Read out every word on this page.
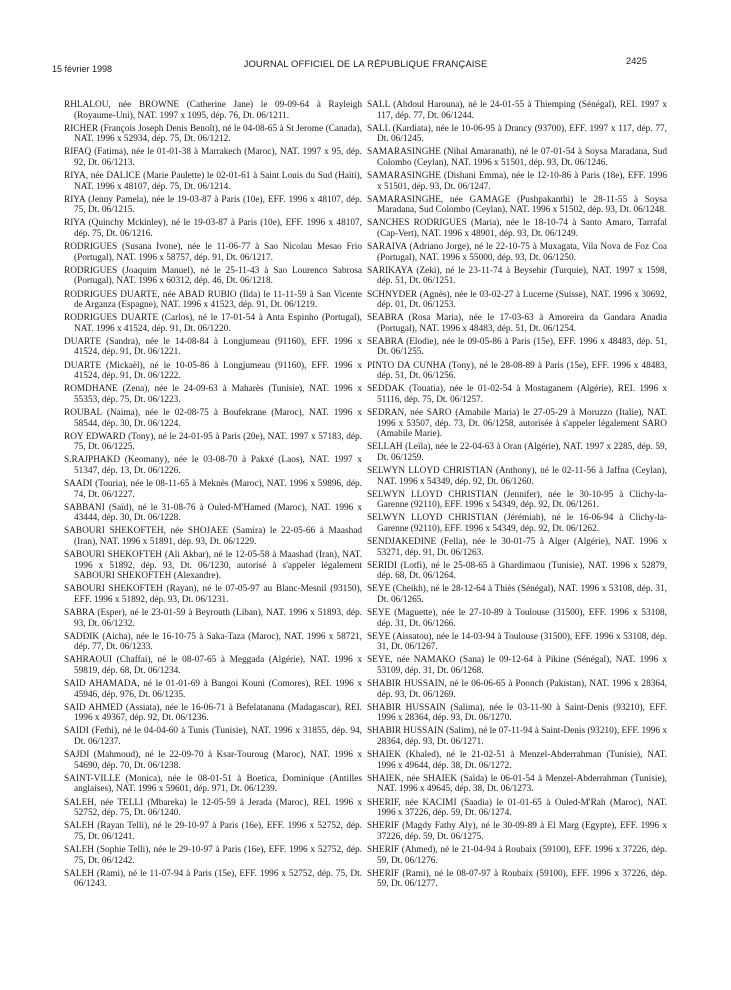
15 février 1998	JOURNAL OFFICIEL DE LA RÉPUBLIQUE FRANÇAISE	2425

RHLALOU, née BROWNE (Catherine Jane) le 09-09-64 à Rayleigh (Royaume-Uni), NAT. 1997 x 1095, dép. 76, Dt. 06/1211.

RICHER (François Joseph Denis Benoît), né le 04-08-65 à St Jerome (Canada), NAT. 1996 x 52934, dép. 75, Dt. 06/1212.

RIFAQ (Fatima), née le 01-01-38 à Marrakech (Maroc), NAT. 1997 x 95, dép. 92, Dt. 06/1213.

RIYA, née DALICE (Marie Paulette) le 02-01-61 à Saint Louis du Sud (Haïti), NAT. 1996 x 48107, dép. 75, Dt. 06/1214.

RIYA (Jenny Pamela), née le 19-03-87 à Paris (10e), EFF. 1996 x 48107, dép. 75, Dt. 06/1215.

RIYA (Quinchy Mckinley), né le 19-03-87 à Paris (10e), EFF. 1996 x 48107, dép. 75, Dt. 06/1216.

RODRIGUES (Susana Ivone), née le 11-06-77 à Sao Nicolau Mesao Frio (Portugal), NAT. 1996 x 58757, dép. 91, Dt. 06/1217.

RODRIGUES (Joaquim Manuel), né le 25-11-43 à Sao Lourenco Sabrosa (Portugal), NAT. 1996 x 60312, dép. 46, Dt. 06/1218.

RODRIGUES DUARTE, née ABAD RUBIO (Ilda) le 11-11-59 à San Vicente de Arganza (Espagne), NAT. 1996 x 41523, dép. 91, Dt. 06/1219.

RODRIGUES DUARTE (Carlos), né le 17-01-54 à Anta Espinho (Portugal), NAT. 1996 x 41524, dép. 91, Dt. 06/1220.

DUARTE (Sandra), née le 14-08-84 à Longjumeau (91160), EFF. 1996 x 41524, dép. 91, Dt. 06/1221.

DUARTE (Mickaël), né le 10-05-86 à Longjumeau (91160), EFF. 1996 x 41524, dép. 91, Dt. 06/1222.

ROMDHANE (Zena), née le 24-09-63 à Maharès (Tunisie), NAT. 1996 x 55353, dép. 75, Dt. 06/1223.

ROUBAL (Naima), née le 02-08-75 à Boufekrane (Maroc), NAT. 1996 x 58544, dép. 30, Dt. 06/1224.

ROY EDWARD (Tony), né le 24-01-95 à Paris (20e), NAT. 1997 x 57183, dép. 75, Dt. 06/1225.

S.RAJPHAKD (Keomany), née le 03-08-70 à Pakxé (Laos), NAT. 1997 x 51347, dép. 13, Dt. 06/1226.

SAADI (Touria), née le 08-11-65 à Meknès (Maroc), NAT. 1996 x 59896, dép. 74, Dt. 06/1227.

SABBANI (Saïd), né le 31-08-76 à Ouled-M'Hamed (Maroc), NAT. 1996 x 43444, dép. 30, Dt. 06/1228.

SABOURI SHEKOFTEH, née SHOJAEE (Samira) le 22-05-66 à Maashad (Iran), NAT. 1996 x 51891, dép. 93, Dt. 06/1229.

SABOURI SHEKOFTEH (Ali Akbar), né le 12-05-58 à Maashad (Iran), NAT. 1996 x 51892, dép. 93, Dt. 06/1230, autorisé à s'appeler légalement SABOURI SHEKOFTEH (Alexandre).

SABOURI SHEKOFTEH (Rayan), né le 07-05-97 au Blanc-Mesnil (93150), EFF. 1996 x 51892, dép. 93, Dt. 06/1231.

SABRA (Esper), né le 23-01-59 à Beyrouth (Liban), NAT. 1996 x 51893, dép. 93, Dt. 06/1232.

SADDIK (Aicha), née le 16-10-75 à Saka-Taza (Maroc), NAT. 1996 x 58721, dép. 77, Dt. 06/1233.

SAHRAOUI (Chaffai), né le 08-07-65 à Meggada (Algérie), NAT. 1996 x 59819, dép. 68, Dt. 06/1234.

SAID AHAMADA, né le 01-01-69 à Bangoi Kouni (Comores), REI. 1996 x 45946, dép. 976, Dt. 06/1235.

SAID AHMED (Assiata), née le 16-06-71 à Befelatanana (Madagascar), REI. 1996 x 49367, dép. 92, Dt. 06/1236.

SAIDI (Fethi), né le 04-04-60 à Tunis (Tunisie), NAT. 1996 x 31855, dép. 94, Dt. 06/1237.

SAJDI (Mahmoud), né le 22-09-70 à Ksar-Touroug (Maroc), NAT. 1996 x 54690, dép. 70, Dt. 06/1238.

SAINT-VILLE (Monica), née le 08-01-51 à Boetica, Dominique (Antilles anglaises), NAT. 1996 x 59601, dép. 971, Dt. 06/1239.

SALEH, née TELLI (Mbareka) le 12-05-59 à Jerada (Maroc), REI. 1996 x 52752, dép. 75, Dt. 06/1240.

SALEH (Rayan Telli), né le 29-10-97 à Paris (16e), EFF. 1996 x 52752, dép. 75, Dt. 06/1241.

SALEH (Sophie Telli), née le 29-10-97 à Paris (16e), EFF. 1996 x 52752, dép. 75, Dt. 06/1242.

SALEH (Rami), né le 11-07-94 à Paris (15e), EFF. 1996 x 52752, dép. 75, Dt. 06/1243.

SALL (Abdoul Harouna), né le 24-01-55 à Thiemping (Sénégal), REI. 1997 x 117, dép. 77, Dt. 06/1244.

SALL (Kardiata), née le 10-06-95 à Drancy (93700), EFF. 1997 x 117, dép. 77, Dt. 06/1245.

SAMARASINGHE (Nihal Amaranath), né le 07-01-54 à Soysa Maradana, Sud Colombo (Ceylan), NAT. 1996 x 51501, dép. 93, Dt. 06/1246.

SAMARASINGHE (Dishani Emma), née le 12-10-86 à Paris (18e), EFF. 1996 x 51501, dép. 93, Dt. 06/1247.

SAMARASINGHE, née GAMAGE (Pushpakanthi) le 28-11-55 à Soysa Maradana, Sud Colombo (Ceylan), NAT. 1996 x 51502, dép. 93, Dt. 06/1248.

SANCHES RODRIGUES (Maria), née le 18-10-74 à Santo Amaro, Tarrafal (Cap-Vert), NAT. 1996 x 48901, dép. 93, Dt. 06/1249.

SARAIVA (Adriano Jorge), né le 22-10-75 à Muxagata, Vila Nova de Foz Coa (Portugal), NAT. 1996 x 55000, dép. 93, Dt. 06/1250.

SARIKAYA (Zeki), né le 23-11-74 à Beysehir (Turquie), NAT. 1997 x 1598, dép. 51, Dt. 06/1251.

SCHNYDER (Agnès), née le 03-02-27 à Lucerne (Suisse), NAT. 1996 x 30692, dép. 01, Dt. 06/1253.

SEABRA (Rosa Maria), née le 17-03-63 à Amoreira da Gandara Anadia (Portugal), NAT. 1996 x 48483, dép. 51, Dt. 06/1254.

SEABRA (Elodie), née le 09-05-86 à Paris (15e), EFF. 1996 x 48483, dép. 51, Dt. 06/1255.

PINTO DA CUNHA (Tony), né le 28-08-89 à Paris (15e), EFF. 1996 x 48483, dép. 51, Dt. 06/1256.

SEDDAK (Touatia), née le 01-02-54 à Mostaganem (Algérie), REI. 1996 x 51116, dép. 75, Dt. 06/1257.

SEDRAN, née SARO (Amabile Maria) le 27-05-29 à Moruzzo (Italie), NAT. 1996 x 53507, dép. 73, Dt. 06/1258, autorisée à s'appeler légalement SARO (Amabile Marie).

SELLAH (Leïla), née le 22-04-63 à Oran (Algérie), NAT. 1997 x 2285, dép. 59, Dt. 06/1259.

SELWYN LLOYD CHRISTIAN (Anthony), né le 02-11-56 à Jaffna (Ceylan), NAT. 1996 x 54349, dép. 92, Dt. 06/1260.

SELWYN LLOYD CHRISTIAN (Jennifer), née le 30-10-95 à Clichy-la-Garenne (92110), EFF. 1996 x 54349, dép. 92, Dt. 06/1261.

SELWYN LLOYD CHRISTIAN (Jérémiah), né le 16-06-94 à Clichy-la-Garenne (92110), EFF. 1996 x 54349, dép. 92, Dt. 06/1262.

SENDJAKEDINE (Fella), née le 30-01-75 à Alger (Algérie), NAT. 1996 x 53271, dép. 91, Dt. 06/1263.

SERIDI (Lotfi), né le 25-08-65 à Ghardimaou (Tunisie), NAT. 1996 x 52879, dép. 68, Dt. 06/1264.

SEYE (Cheikh), né le 28-12-64 à Thiès (Sénégal), NAT. 1996 x 53108, dép. 31, Dt. 06/1265.

SEYE (Maguette), née le 27-10-89 à Toulouse (31500), EFF. 1996 x 53108, dép. 31, Dt. 06/1266.

SEYE (Aissatou), née le 14-03-94 à Toulouse (31500), EFF. 1996 x 53108, dép. 31, Dt. 06/1267.

SEYE, née NAMAKO (Sana) le 09-12-64 à Pikine (Sénégal), NAT. 1996 x 53109, dép. 31, Dt. 06/1268.

SHABIR HUSSAIN, né le 06-06-65 à Poonch (Pakistan), NAT. 1996 x 28364, dép. 93, Dt. 06/1269.

SHABIR HUSSAIN (Salima), née le 03-11-90 à Saint-Denis (93210), EFF. 1996 x 28364, dép. 93, Dt. 06/1270.

SHABIR HUSSAIN (Salim), né le 07-11-94 à Saint-Denis (93210), EFF. 1996 x 28364, dép. 93, Dt. 06/1271.

SHAIEK (Khaled), né le 21-02-51 à Menzel-Abderrahman (Tunisie), NAT. 1996 x 49644, dép. 38, Dt. 06/1272.

SHAIEK, née SHAIEK (Saïda) le 06-01-54 à Menzel-Abderrahman (Tunisie), NAT. 1996 x 49645, dép. 38, Dt. 06/1273.

SHERIF, née KACIMI (Saadia) le 01-01-65 à Ouled-M'Rah (Maroc), NAT. 1996 x 37226, dép. 59, Dt. 06/1274.

SHERIF (Magdy Fathy Aly), né le 30-09-89 à El Marg (Egypte), EFF. 1996 x 37226, dép. 59, Dt. 06/1275.

SHERIF (Ahmed), né le 21-04-94 à Roubaix (59100), EFF. 1996 x 37226, dép. 59, Dt. 06/1276.

SHERIF (Rami), né le 08-07-97 à Roubaix (59100), EFF. 1996 x 37226, dép. 59, Dt. 06/1277.
